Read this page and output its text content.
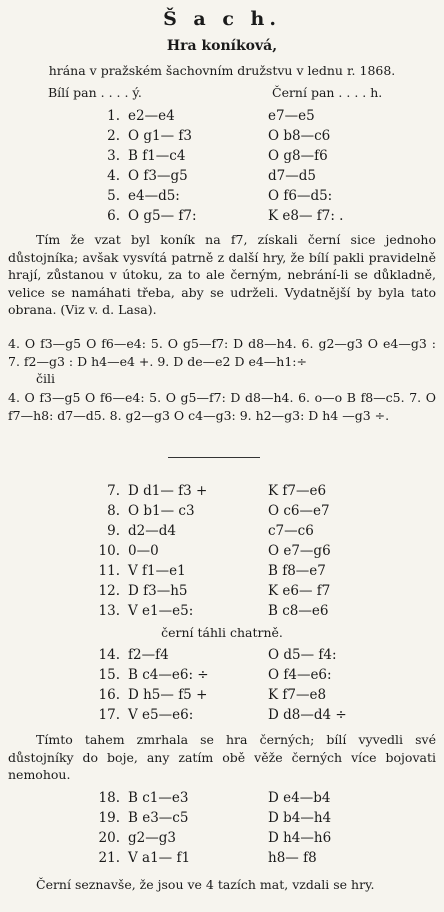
Š a c h.
Hra koníková,
hrána v pražském šachovním družstvu v lednu r. 1868.
Bílí pan . . . . ý.	Černí pan . . . . h.
1. e2—e4	e7—e5
2. O g1— f3	O b8—c6
3. B f1—c4	O g8—f6
4. O f3—g5	d7—d5
5. e4—d5:	O f6—d5:
6. O g5— f7:	K e8— f7: .
Tím že vzat byl koník na f7, získali černí sice jednoho důstojníka; avšak vysvítá patrně z další hry, že bílí pakli pravidelně hrají, zůstanou v útoku, za to ale černým, nebrání-li se důkladně, velice se namáhati třeba, aby se udrželi. Vydatnější by byla tato obrana. (Viz v. d. Lasa).
4. O f3—g5 O f6—e4: 5. O g5—f7: D d8—h4. 6. g2—g3 O e4—g3 : 7. f2—g3 : D h4—e4 +. 9. D de—e2 D e4—h1:÷
čili
4. O f3—g5 O f6—e4: 5. O g5—f7: D d8—h4. 6. o—o B f8—c5. 7. O f7—h8: d7—d5. 8. g2—g3 O c4—g3: 9. h2—g3: D h4 —g3 ÷.
7. D d1— f3 +	K f7—e6
8. O b1— c3	O c6—e7
9. d2—d4	c7—c6
10. 0—0	O e7—g6
11. V f1—e1	B f8—e7
12. D f3—h5	K e6— f7
13. V e1—e5:	B c8—e6
černí táhli chatrně.
14. f2—f4	O d5— f4:
15. B c4—e6: ÷	O f4—e6:
16. D h5— f5 +	K f7—e8
17. V e5—e6:	D d8—d4 ÷
Tímto tahem zmrhala se hra černých; bílí vyvedli své důstojníky do boje, any zatím obě věže černých více bojovati nemohou.
18. B c1—e3	D e4—b4
19. B e3—c5	D b4—h4
20. g2—g3	D h4—h6
21. V a1— f1	h8— f8
Černí seznavše, že jsou ve 4 tazích mat, vzdali se hry.
